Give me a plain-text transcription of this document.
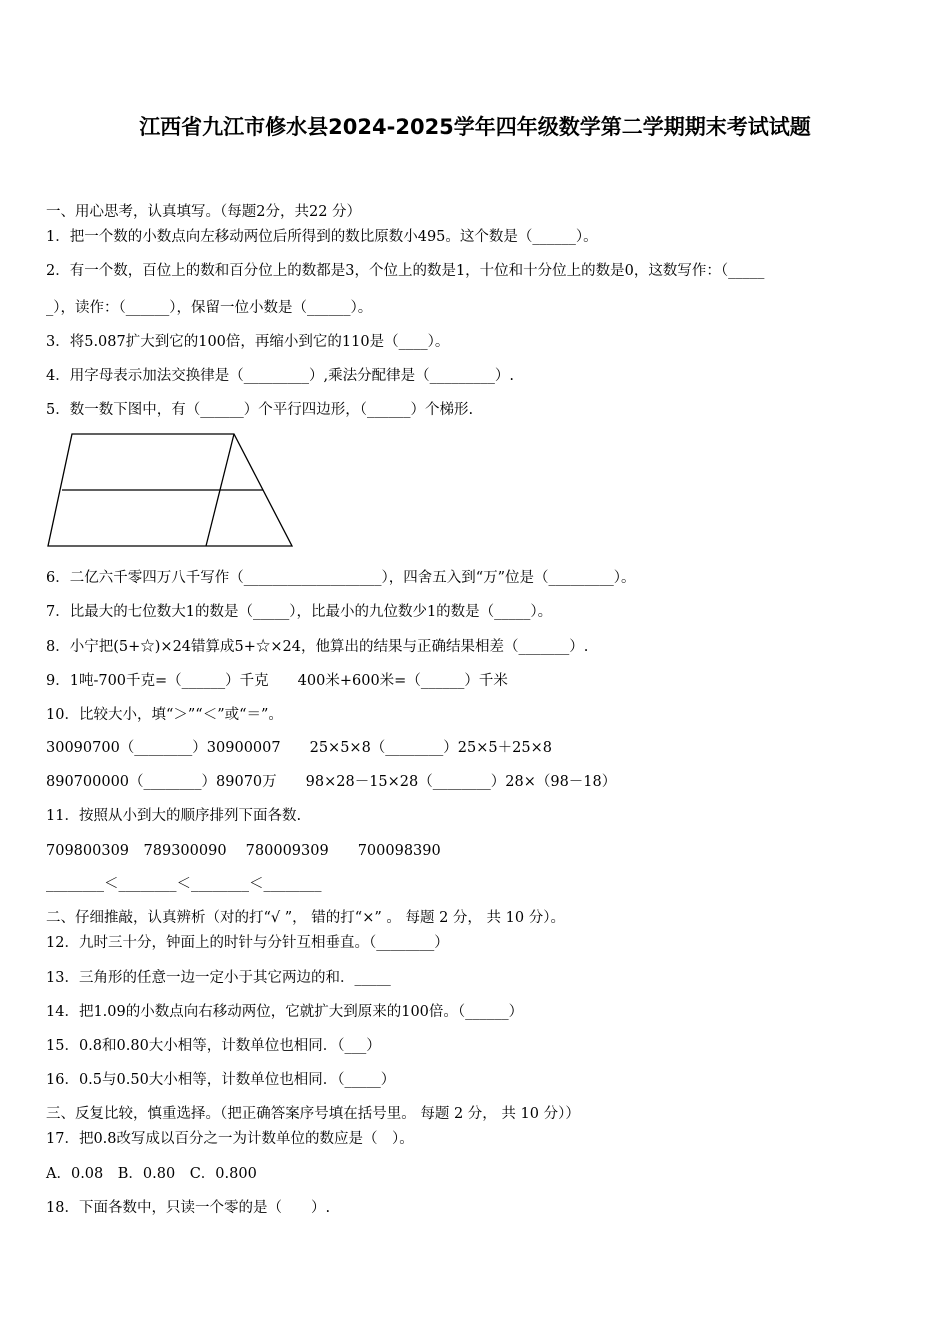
江西省九江市修水县2024-2025学年四年级数学第二学期期末考试试题
一、用心思考，认真填写。（每题2分，共22 分）
1．把一个数的小数点向左移动两位后所得到的数比原数小495。这个数是（______）。
2．有一个数，百位上的数和百分位上的数都是3，个位上的数是1，十位和十分位上的数是0，这数写作：（_____
_），读作：（______），保留一位小数是（______）。
3．将5.087扩大到它的100倍，再缩小到它的110是（____）。
4．用字母表示加法交换律是（_________）,乘法分配律是（_________）.
5．数一数下图中，有（______）个平行四边形，（______）个梯形.
6．二亿六千零四万八千写作（___________________），四舍五入到“万”位是（_________）。
7．比最大的七位数大1的数是（_____），比最小的九位数少1的数是（_____）。
8．小宁把(5+☆)×24错算成5+☆×24，他算出的结果与正确结果相差（_______）.
9．1吨-700千克=（______）千克　　400米+600米=（______）千米
10．比较大小，填“＞”“＜”或“＝”。
30090700（________）30900007　　25×5×8（________）25×5＋25×8
890700000（________）89070万　　98×28－15×28（________）28×（98－18）
11．按照从小到大的顺序排列下面各数.
709800309　789300090　 780009309　　700098390
________＜________＜________＜________
二、仔细推敲，认真辨析（对的打“√ ”， 错的打“×” 。 每题 2 分， 共 10 分）。
12．九时三十分，钟面上的时针与分针互相垂直。（________）
13．三角形的任意一边一定小于其它两边的和．_____
14．把1.09的小数点向右移动两位，它就扩大到原来的100倍。（______）
15．0.8和0.80大小相等，计数单位也相同．（___）
16．0.5与0.50大小相等，计数单位也相同．（_____）
三、反复比较，慎重选择。（把正确答案序号填在括号里。 每题 2 分， 共 10 分））
17．把0.8改写成以百分之一为计数单位的数应是（　）。
A．0.08　B．0.80　C．0.800
18．下面各数中，只读一个零的是（　　）.
